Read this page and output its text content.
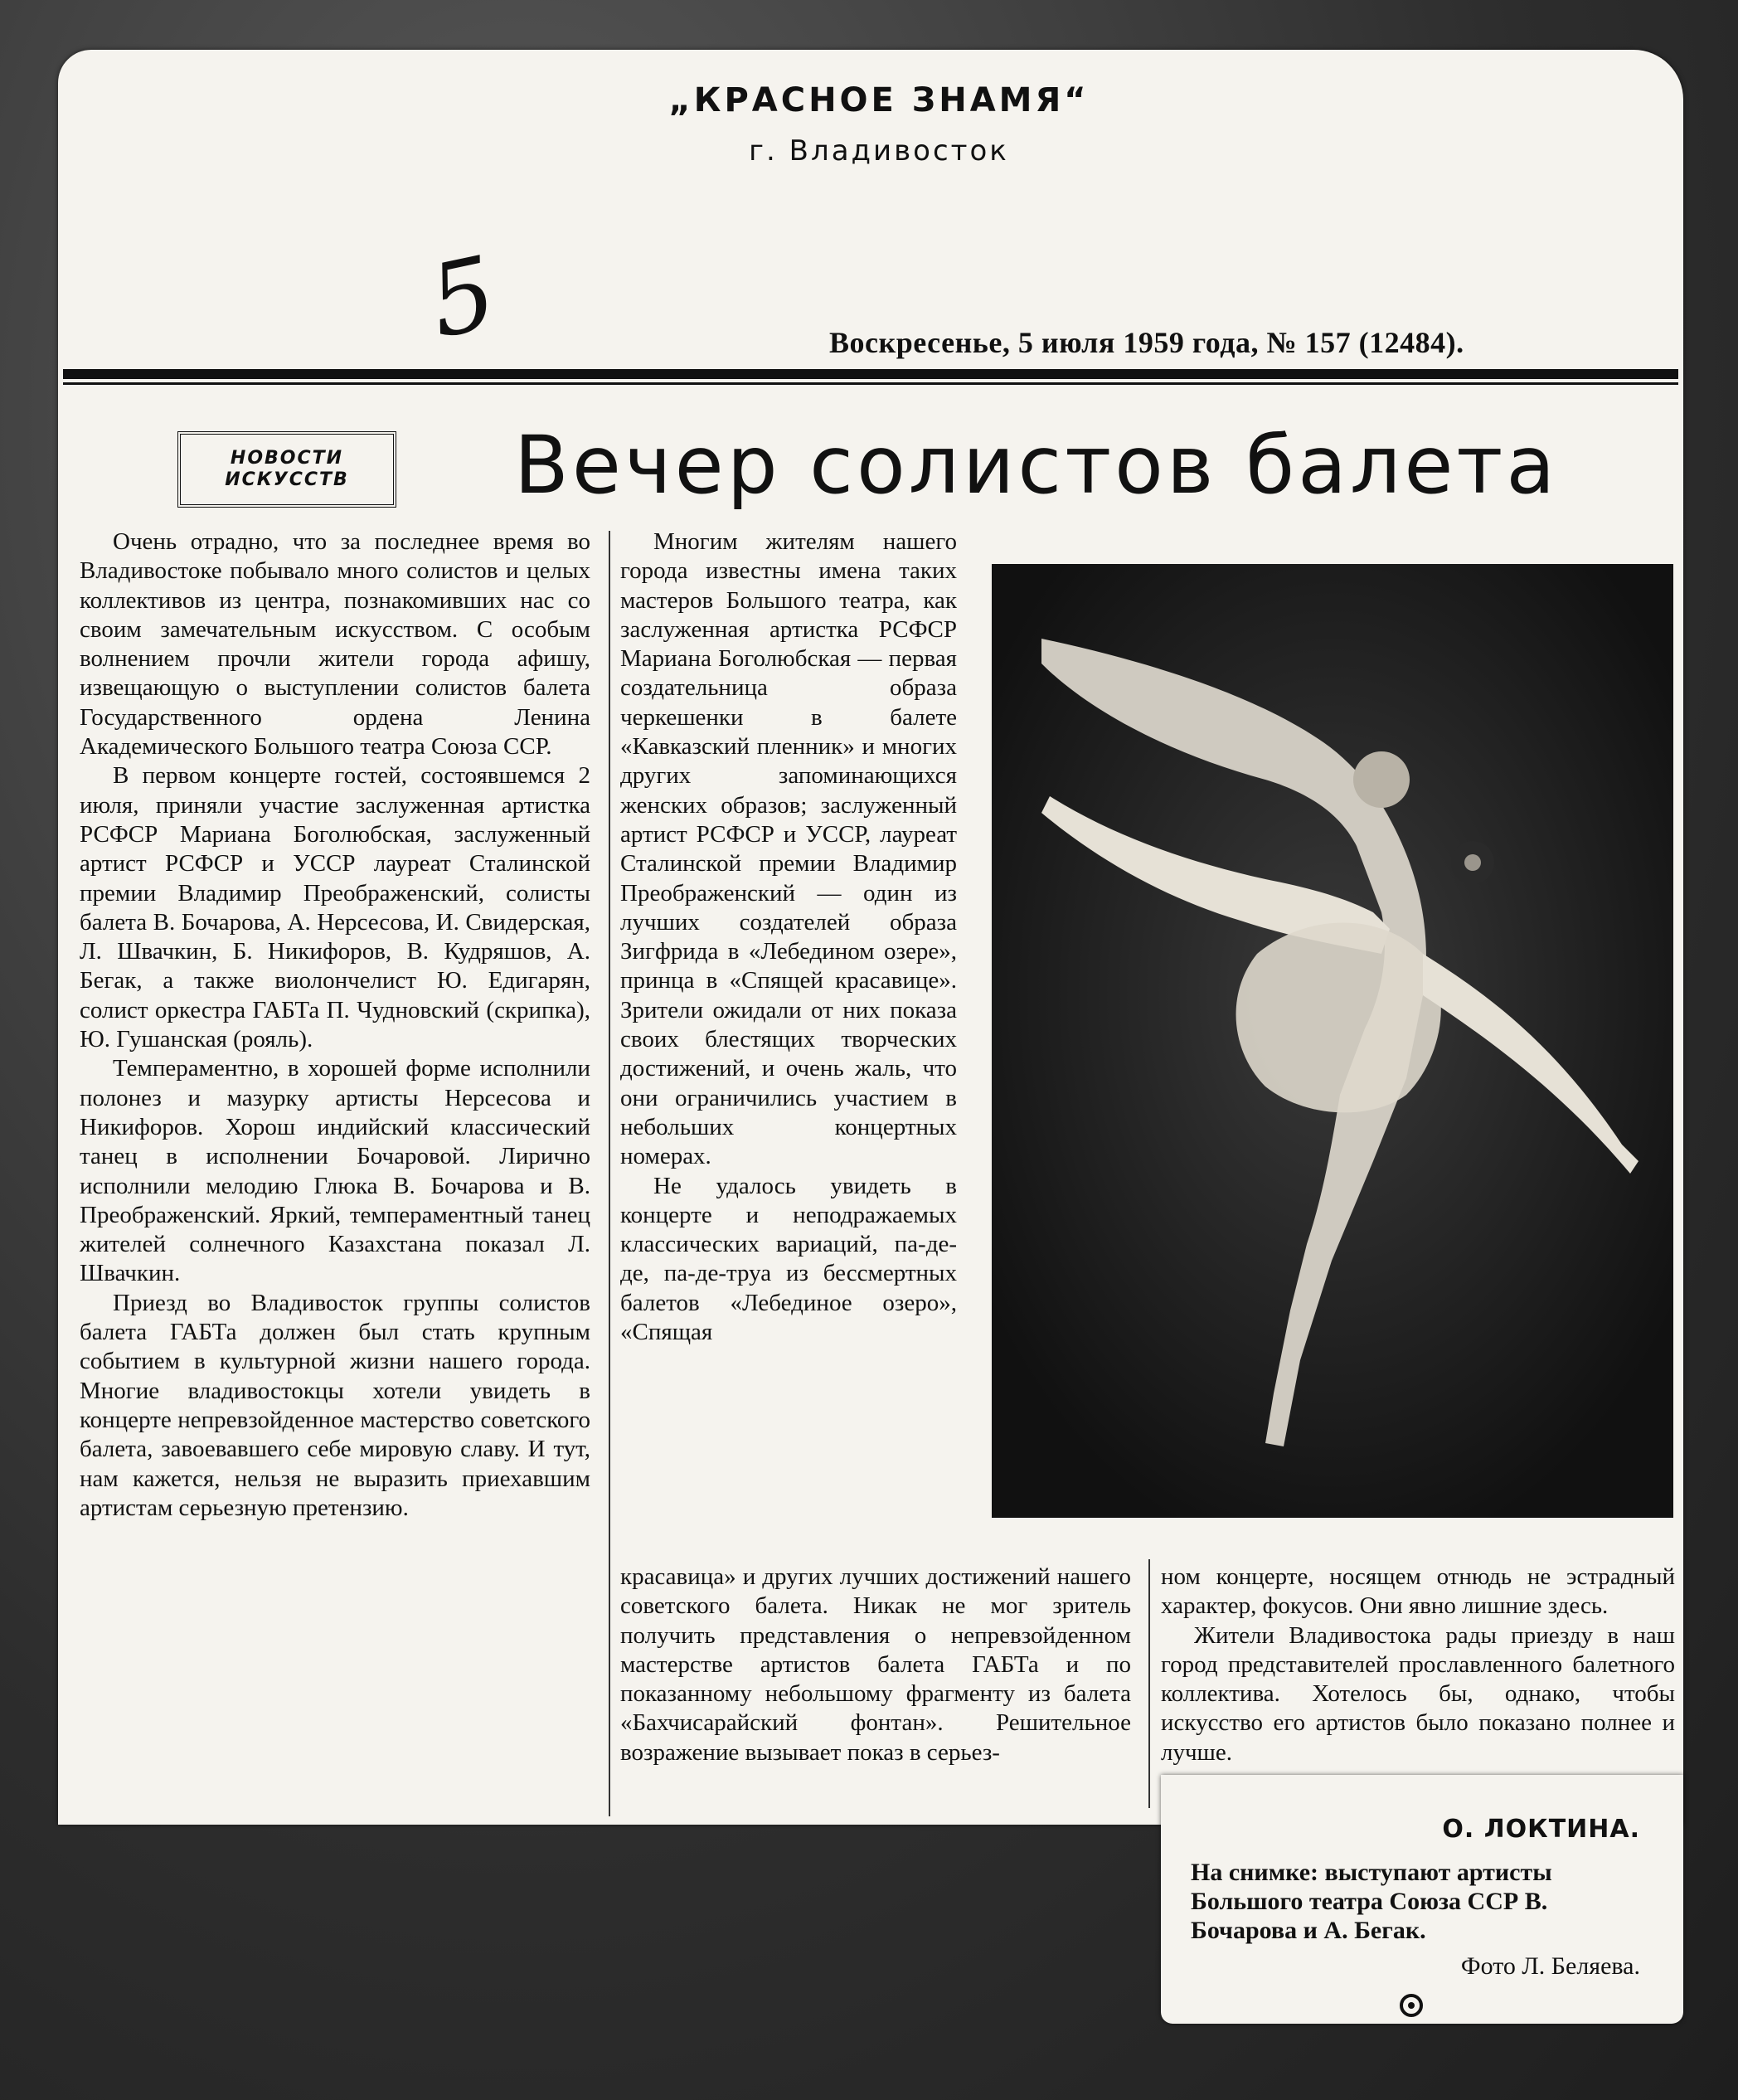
„КРАСНОЕ ЗНАМЯ“
г. Владивосток
5	Воскресенье, 5 июля 1959 года, № 157 (12484).
НОВОСТИ
ИСКУССТВ	Вечер солистов балета

Очень отрадно, что за последнее время во Владивостоке побывало много солистов и целых коллективов из центра, познакомивших нас со своим замечательным искусством. С особым волнением прочли жители города афишу, извещающую о выступлении солистов балета Государственного ордена Ленина Академического Большого театра Союза ССР.

В первом концерте гостей, состоявшемся 2 июля, приняли участие заслуженная артистка РСФСР Мариана Боголюбская, заслуженный артист РСФСР и УССР лауреат Сталинской премии Владимир Преображенский, солисты балета В. Бочарова, А. Нерсесова, И. Свидерская, Л. Швачкин, Б. Никифоров, В. Кудряшов, А. Бегак, а также виолончелист Ю. Едигарян, солист оркестра ГАБТа П. Чудновский (скрипка), Ю. Гушанская (рояль).

Темпераментно, в хорошей форме исполнили полонез и мазурку артисты Нерсесова и Никифоров. Хорош индийский классический танец в исполнении Бочаровой. Лирично исполнили мелодию Глюка В. Бочарова и В. Преображенский. Яркий, темпераментный танец жителей солнечного Казахстана показал Л. Швачкин.

Приезд во Владивосток группы солистов балета ГАБТа должен был стать крупным событием в культурной жизни нашего города. Многие владивостокцы хотели увидеть в концерте непревзойденное мастерство советского балета, завоевавшего себе мировую славу. И тут, нам кажется, нельзя не выразить приехавшим артистам серьезную претензию.

Многим жителям нашего города известны имена таких мастеров Большого театра, как заслуженная артистка РСФСР Мариана Боголюбская — первая создательница образа черкешенки в балете «Кавказский пленник» и многих других запоминающихся женских образов; заслуженный артист РСФСР и УССР, лауреат Сталинской премии Владимир Преображенский — один из лучших создателей образа Зигфрида в «Лебедином озере», принца в «Спящей красавице». Зрители ожидали от них показа своих блестящих творческих достижений, и очень жаль, что они ограничились участием в небольших концертных номерах.

Не удалось увидеть в концерте и неподражаемых классических вариаций, па-де-де, па-де-труа из бессмертных балетов «Лебединое озеро», «Спящая

красавица» и других лучших достижений нашего советского балета. Никак не мог зритель получить представления о непревзойденном мастерстве артистов балета ГАБТа и по показанному небольшому фрагменту из балета «Бахчисарайский фонтан». Решительное возражение вызывает показ в серьез-

ном концерте, носящем отнюдь не эстрадный характер, фокусов. Они явно лишние здесь.

Жители Владивостока рады приезду в наш город представителей прославленного балетного коллектива. Хотелось бы, однако, чтобы искусство его артистов было показано полнее и лучше.

О. ЛОКТИНА.
На снимке: выступают артисты Большого театра Союза ССР В. Бочарова и А. Бегак.
Фото Л. Беляева.
